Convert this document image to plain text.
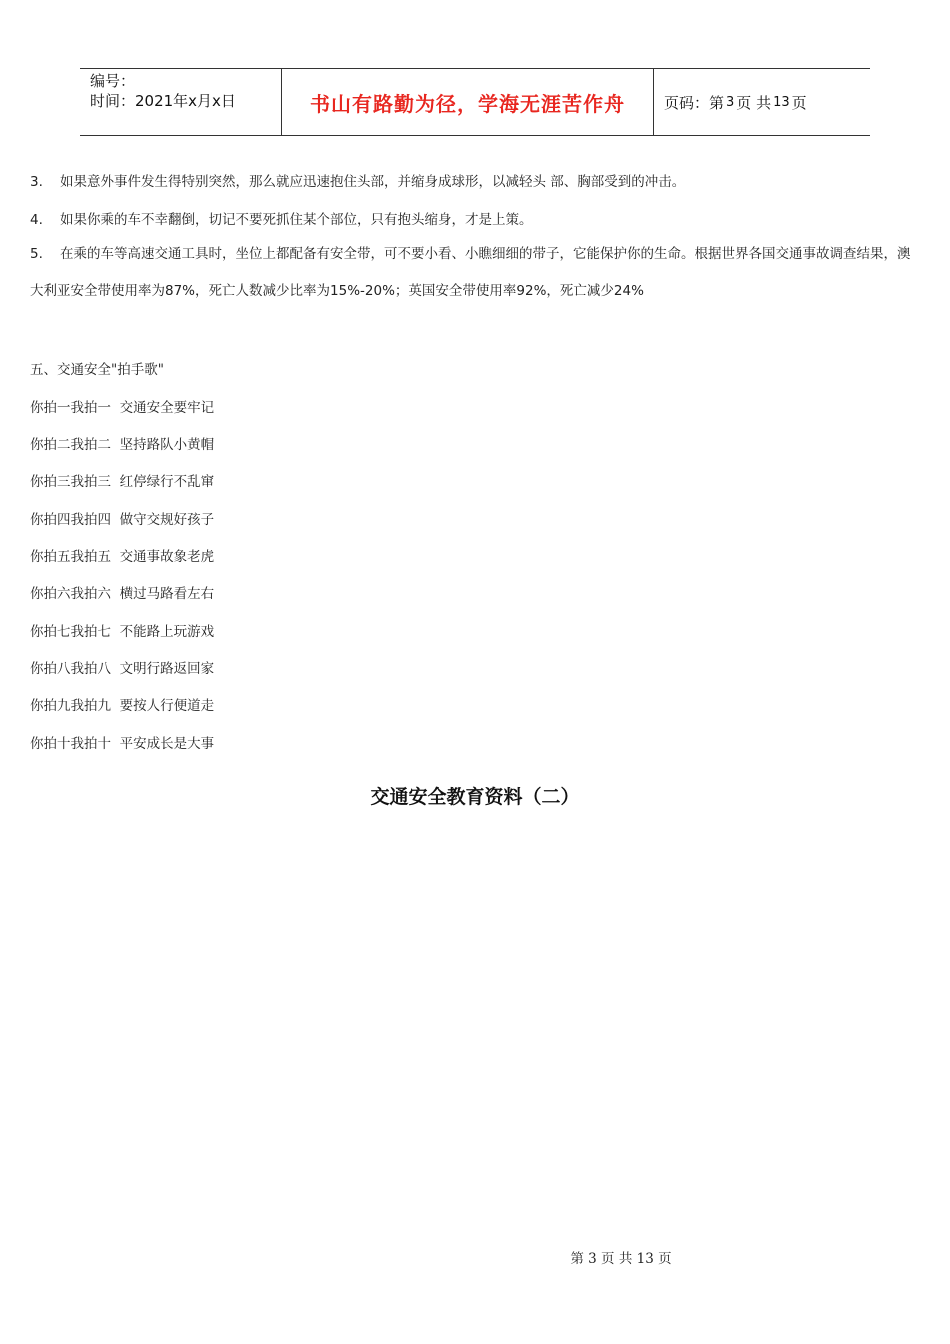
编号：
时间：2021年x月x日	书山有路勤为径，学海无涯苦作舟	页码：第 3 页 共 13 页
3. 如果意外事件发生得特别突然，那么就应迅速抱住头部，并缩身成球形，以减轻头 部、胸部受到的冲击。
4. 如果你乘的车不幸翻倒，切记不要死抓住某个部位，只有抱头缩身，才是上策。
5. 在乘的车等高速交通工具时，坐位上都配备有安全带，可不要小看、小瞧细细的带子，它能保护你的生命。根据世界各国交通事故调查结果，澳大利亚安全带使用率为87%，死亡人数减少比率为15%-20%；英国安全带使用率92%，死亡减少24%
五、交通安全"拍手歌"
你拍一我拍一  交通安全要牢记
你拍二我拍二  坚持路队小黄帽
你拍三我拍三  红停绿行不乱窜
你拍四我拍四  做守交规好孩子
你拍五我拍五  交通事故象老虎
你拍六我拍六  横过马路看左右
你拍七我拍七  不能路上玩游戏
你拍八我拍八  文明行路返回家
你拍九我拍九  要按人行便道走
你拍十我拍十  平安成长是大事
交通安全教育资料（二）
第 3 页 共 13 页
